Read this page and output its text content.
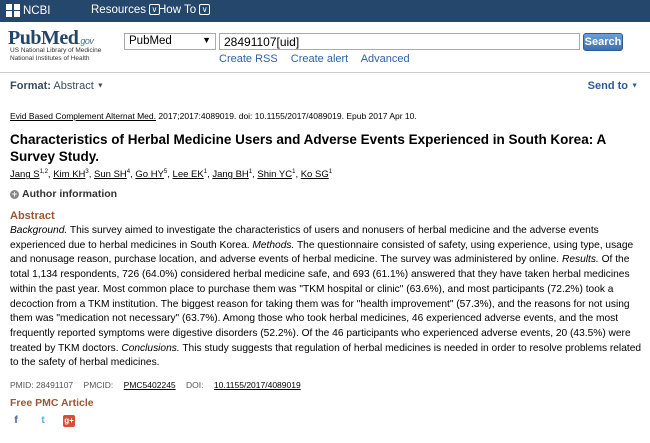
NCBI	Resources ∨ How To ∨
PubMed.gov
US National Library of Medicine
National Institutes of Health
PubMed	▼
28491107[uid]	Search
Create RSS Create alert Advanced
Format: Abstract ▼	Send to ▼
Evid Based Complement Alternat Med. 2017;2017:4089019. doi: 10.1155/2017/4089019. Epub 2017 Apr 10.
Characteristics of Herbal Medicine Users and Adverse Events Experienced in South Korea: A Survey Study.
Jang S$^{1,2}$, Kim $KH^3$, Sun $SH^4$, Go $HY^5$, Lee $EK^1$, Jang $BH^1$, Shin $YC^1$, Ko $SG^1$
+ Author information
Abstract
Background. This survey aimed to investigate the characteristics of users and nonusers of herbal medicine and the adverse events experienced due to herbal medicines in South Korea. Methods. The questionnaire consisted of safety, using experience, using type, usage and nonusage reason, purchase location, and adverse events of herbal medicine. The survey was administered by online. Results. Of the total 1,134 respondents, 726 (64.0%) considered herbal medicine safe, and 693 (61.1%) answered that they have taken herbal medicines within the past year. Most common place to purchase them was "TKM hospital or clinic" (63.6%), and most participants (72.2%) took a decoction from a TKM institution. The biggest reason for taking them was for "health improvement" (57.3%), and the reasons for not using them was "medication not necessary" (63.7%). Among those who took herbal medicines, 46 experienced adverse events, and the most frequently reported symptoms were digestive disorders (52.2%). Of the 46 participants who experienced adverse events, 20 (43.5%) were treated by TKM doctors. Conclusions. This study suggests that regulation of herbal medicines is needed in order to resolve problems related to the safety of herbal medicines.
PMID: 28491107 PMCID: PMC5402245 DOI: 10.1155/2017/4089019
Free PMC Article
f	t	g+
